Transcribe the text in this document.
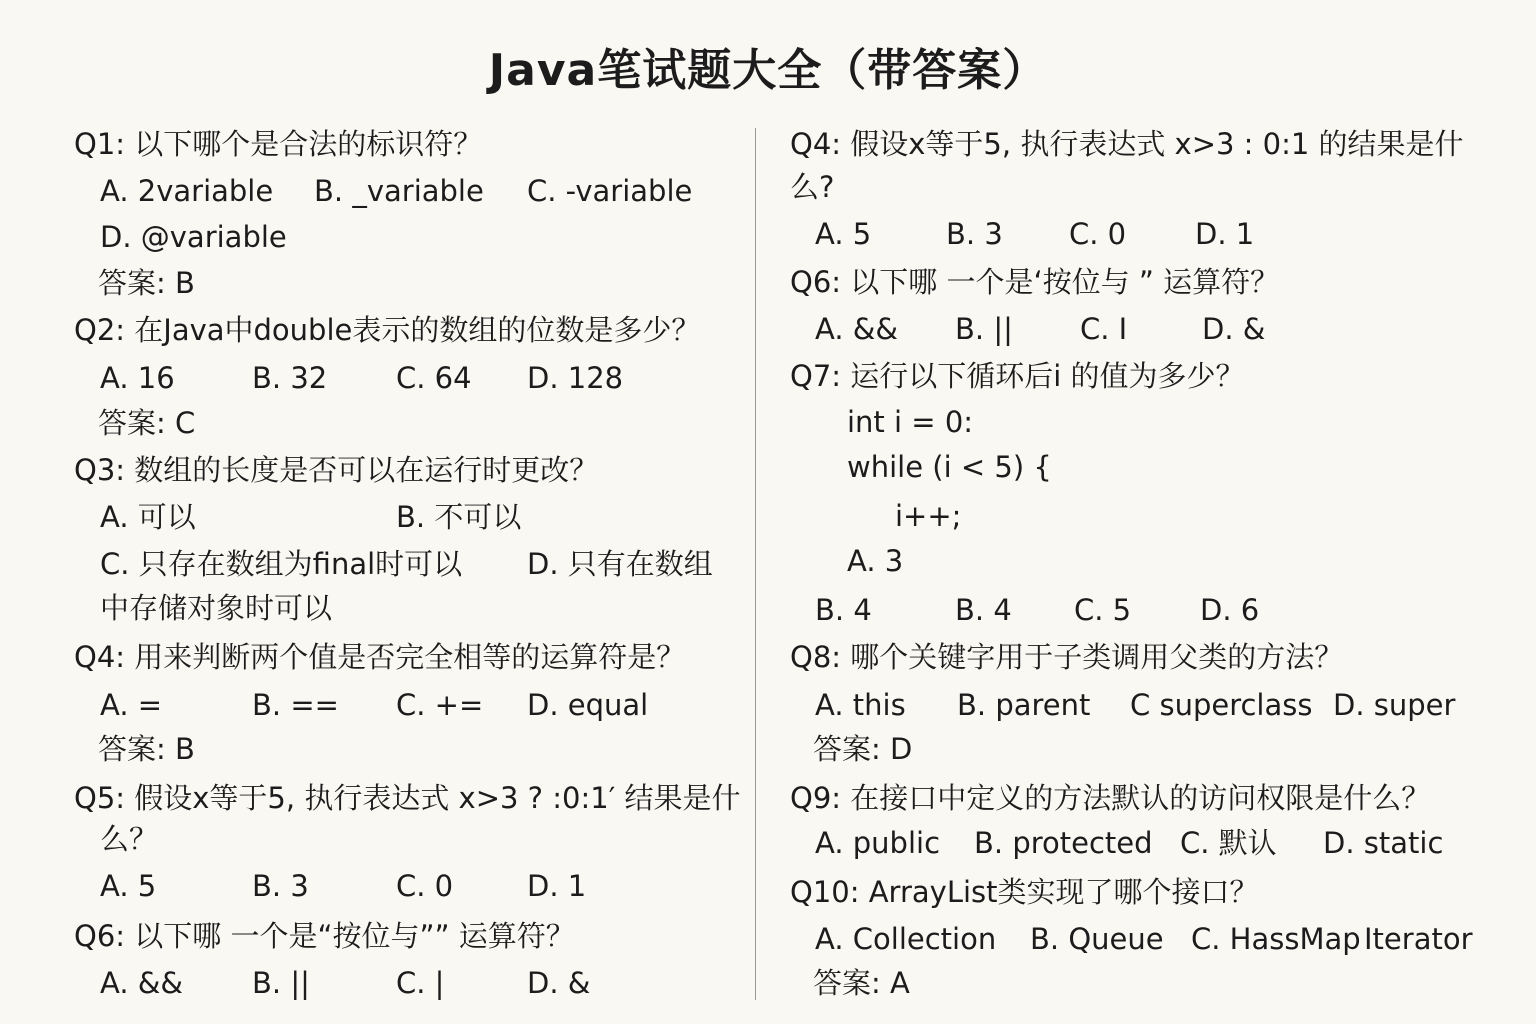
Java笔试题大全（带答案）
Q1: 以下哪个是合法的标识符？
A. 2variable B. _variable C. -variable
D. @variable
答案: B
Q2: 在Java中double表示的数组的位数是多少？
A. 16	B. 32 C. 64 D. 128
答案: C
Q3: 数组的长度是否可以在运行时更改？
A. 可以	B. 不可以
C. 只存在数组为final时可以 D. 只有在数组
中存储对象时可以
Q4: 用来判断两个值是否完全相等的运算符是？
A. =	B. == C. += D. equal
答案: B
Q5: 假设x等于5, 执行表达式 x>3 ? :0:1′ 结果是什
么？
A. 5	B. 3	C. 0	D. 1
Q6: 以下哪 一个是“按位与”” 运算符？
A. && B. ||	C. |	D. &
Q4: 假设x等于5, 执行表达式 x>3 : 0:1 的结果是什
么?
A. 5	B. 3 C. 0 D. 1
Q6: 以下哪 一个是‘按位与 ” 运算符？
A. && B. || C. I	D. &
Q7: 运行以下循环后i 的值为多少？
int i = 0:
while (i < 5) {
i++;
A. 3
B. 4	B. 4 C. 5 D. 6
Q8: 哪个关键字用于子类调用父类的方法？
A. this B. parent C superclass D. super
答案: D
Q9: 在接口中定义的方法默认的访问权限是什么？
A. public B. protected C. 默认 D. static
Q10: ArrayList类实现了哪个接口？
A. Collection B. Queue C. HassMap Iterator
答案: A
